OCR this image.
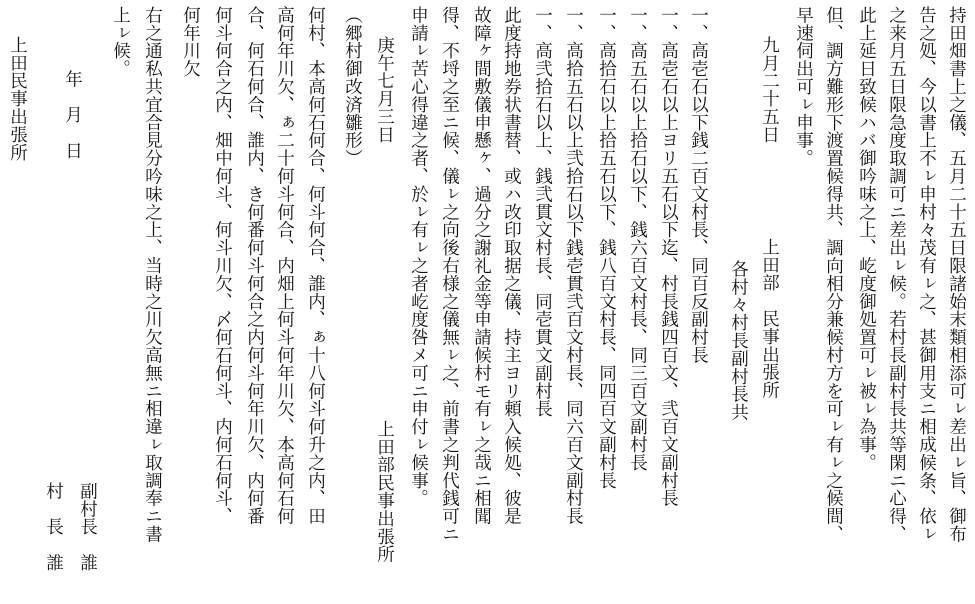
持田畑書上之儀、五月二十五日限諸始末類相添可ㇾ差出ㇾ旨、御布
告之処、今以書上不ㇾ申村々茂有ㇾ之、甚御用支ニ相成候条、依ㇾ
之来月五日限急度取調可ニ差出ㇾ候。若村長副村長共等閑ニ心得、
此上延日致候ハバ御吟味之上、屹度御処置可ㇾ被ㇾ為事。
但、調方難形下渡置候得共、調向相分兼候村方を可ㇾ有ㇾ之候間、
早速伺出可ㇾ申事。
九月二十五日
上田部　民事出張所
各村々村長副村長共
一、高壱石以下銭二百文村長、同百反副村長
一、高壱石以上ヨリ五石以下迄、村長銭四百文、弐百文副村長
一、高五石以上拾石以下、銭六百文村長、同三百文副村長
一、高拾石以上拾五石以下、銭八百文村長、同四百文副村長
一、高拾五石以上弐拾石以下銭壱貫弐百文村長、同六百文副村長
一、高弐拾石以上、銭弐貫文村長、同壱貫文副村長
此度持地券状書替、或ハ改印取据之儀、持主ヨリ頼入候処、彼是
故障ヶ間敷儀申懸ヶ、過分之謝礼金等申請候村モ有ㇾ之哉ニ相聞
得、不埒之至ニ候、儀ㇾ之向後右様之儀無ㇾ之、前書之判代銭可ニ
申請ㇾ苦心得違之者、於ㇾ有ㇾ之者屹度咎メ可ニ申付ㇾ候事。
庚午七月三日
上田部民事出張所
（郷村御改済雛形）
何村、本高何石何合、何斗何合、誰内、ぁ十八何斗何升之内、田
高何年川欠、ぁ二十何斗何合、内畑上何斗何年川欠、本高何石何
合、何石何合、誰内、き何番何斗何合之内何斗何年川欠、内何番
何斗何合之内、畑中何斗、何斗川欠、〆何石何斗、内何石何斗、
何年川欠
右之通私共宜合見分吟味之上、当時之川欠高無ニ相違ㇾ取調奉ニ書
上ㇾ候。
副村長　誰
村　長　誰
年　月　日
上田民事出張所
